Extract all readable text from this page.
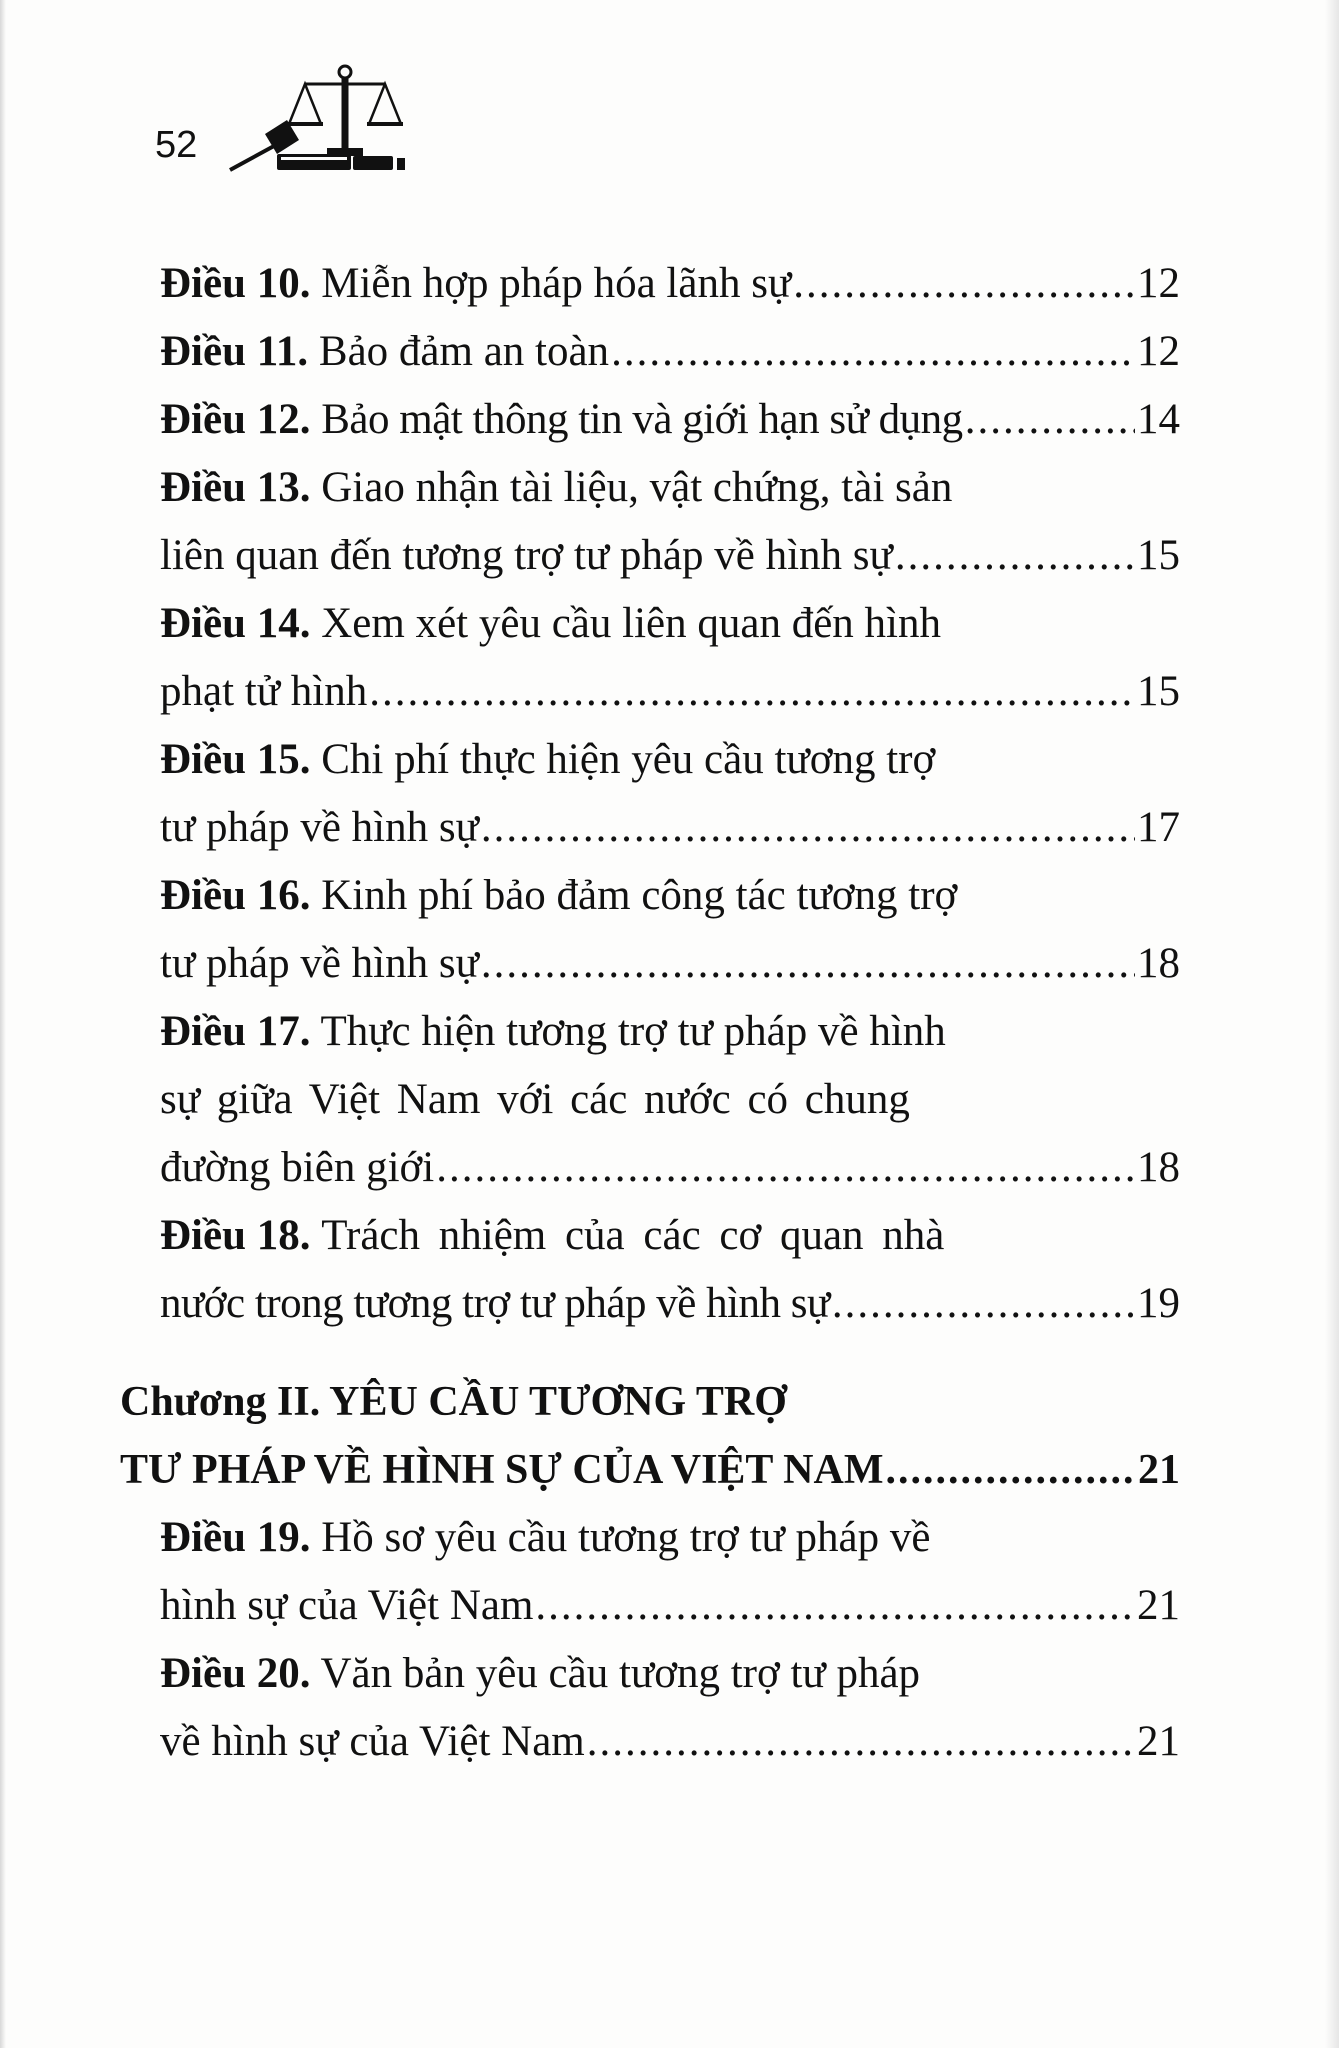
52
Điều 10. Miễn hợp pháp hóa lãnh sự .....	12
Điều 11. Bảo đảm an toàn .....	12
Điều 12. Bảo mật thông tin và giới hạn sử dụng .....	14
Điều 13. Giao nhận tài liệu, vật chứng, tài sản
liên quan đến tương trợ tư pháp về hình sự .....	15
Điều 14. Xem xét yêu cầu liên quan đến hình
phạt tử hình .....	15
Điều 15. Chi phí thực hiện yêu cầu tương trợ
tư pháp về hình sự .....	17
Điều 16. Kinh phí bảo đảm công tác tương trợ
tư pháp về hình sự .....	18
Điều 17. Thực hiện tương trợ tư pháp về hình
sự giữa Việt Nam với các nước có chung
đường biên giới .....	18
Điều 18. Trách nhiệm của các cơ quan nhà
nước trong tương trợ tư pháp về hình sự .....	19
Chương II. YÊU CẦU TƯƠNG TRỢ
TƯ PHÁP VỀ HÌNH SỰ CỦA VIỆT NAM .....	21
Điều 19. Hồ sơ yêu cầu tương trợ tư pháp về
hình sự của Việt Nam .....	21
Điều 20. Văn bản yêu cầu tương trợ tư pháp
về hình sự của Việt Nam .....	21
